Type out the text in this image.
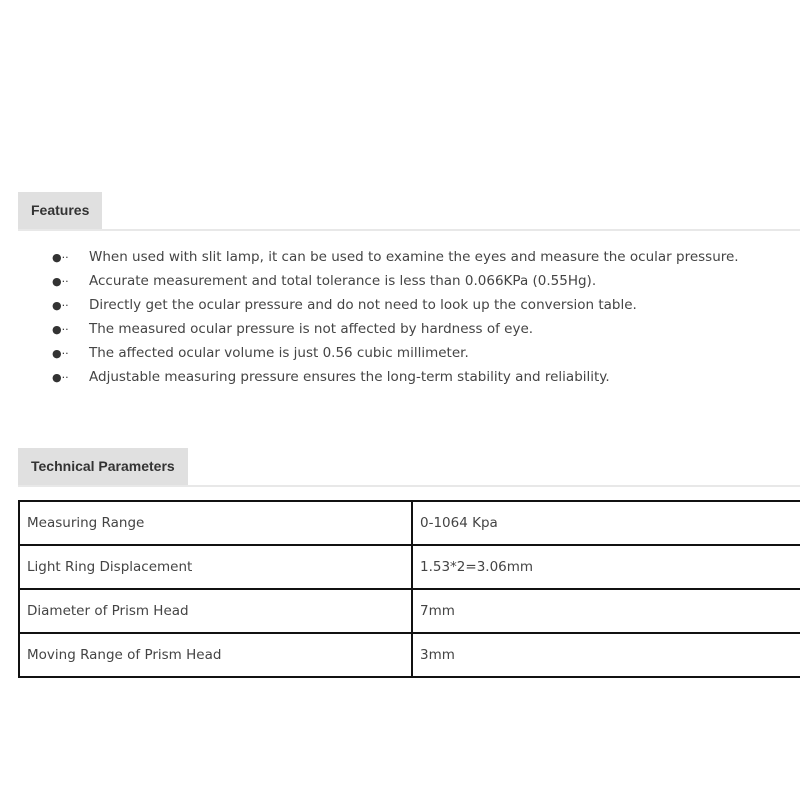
Features
●·· When used with slit lamp, it can be used to examine the eyes and measure the ocular pressure.
●·· Accurate measurement and total tolerance is less than 0.066KPa (0.55Hg).
●·· Directly get the ocular pressure and do not need to look up the conversion table.
●·· The measured ocular pressure is not affected by hardness of eye.
●·· The affected ocular volume is just 0.56 cubic millimeter.
●·· Adjustable measuring pressure ensures the long-term stability and reliability.
Technical Parameters
Measuring Range	0-1064 Kpa
Light Ring Displacement	1.53*2=3.06mm
Diameter of Prism Head	7mm
Moving Range of Prism Head	3mm
